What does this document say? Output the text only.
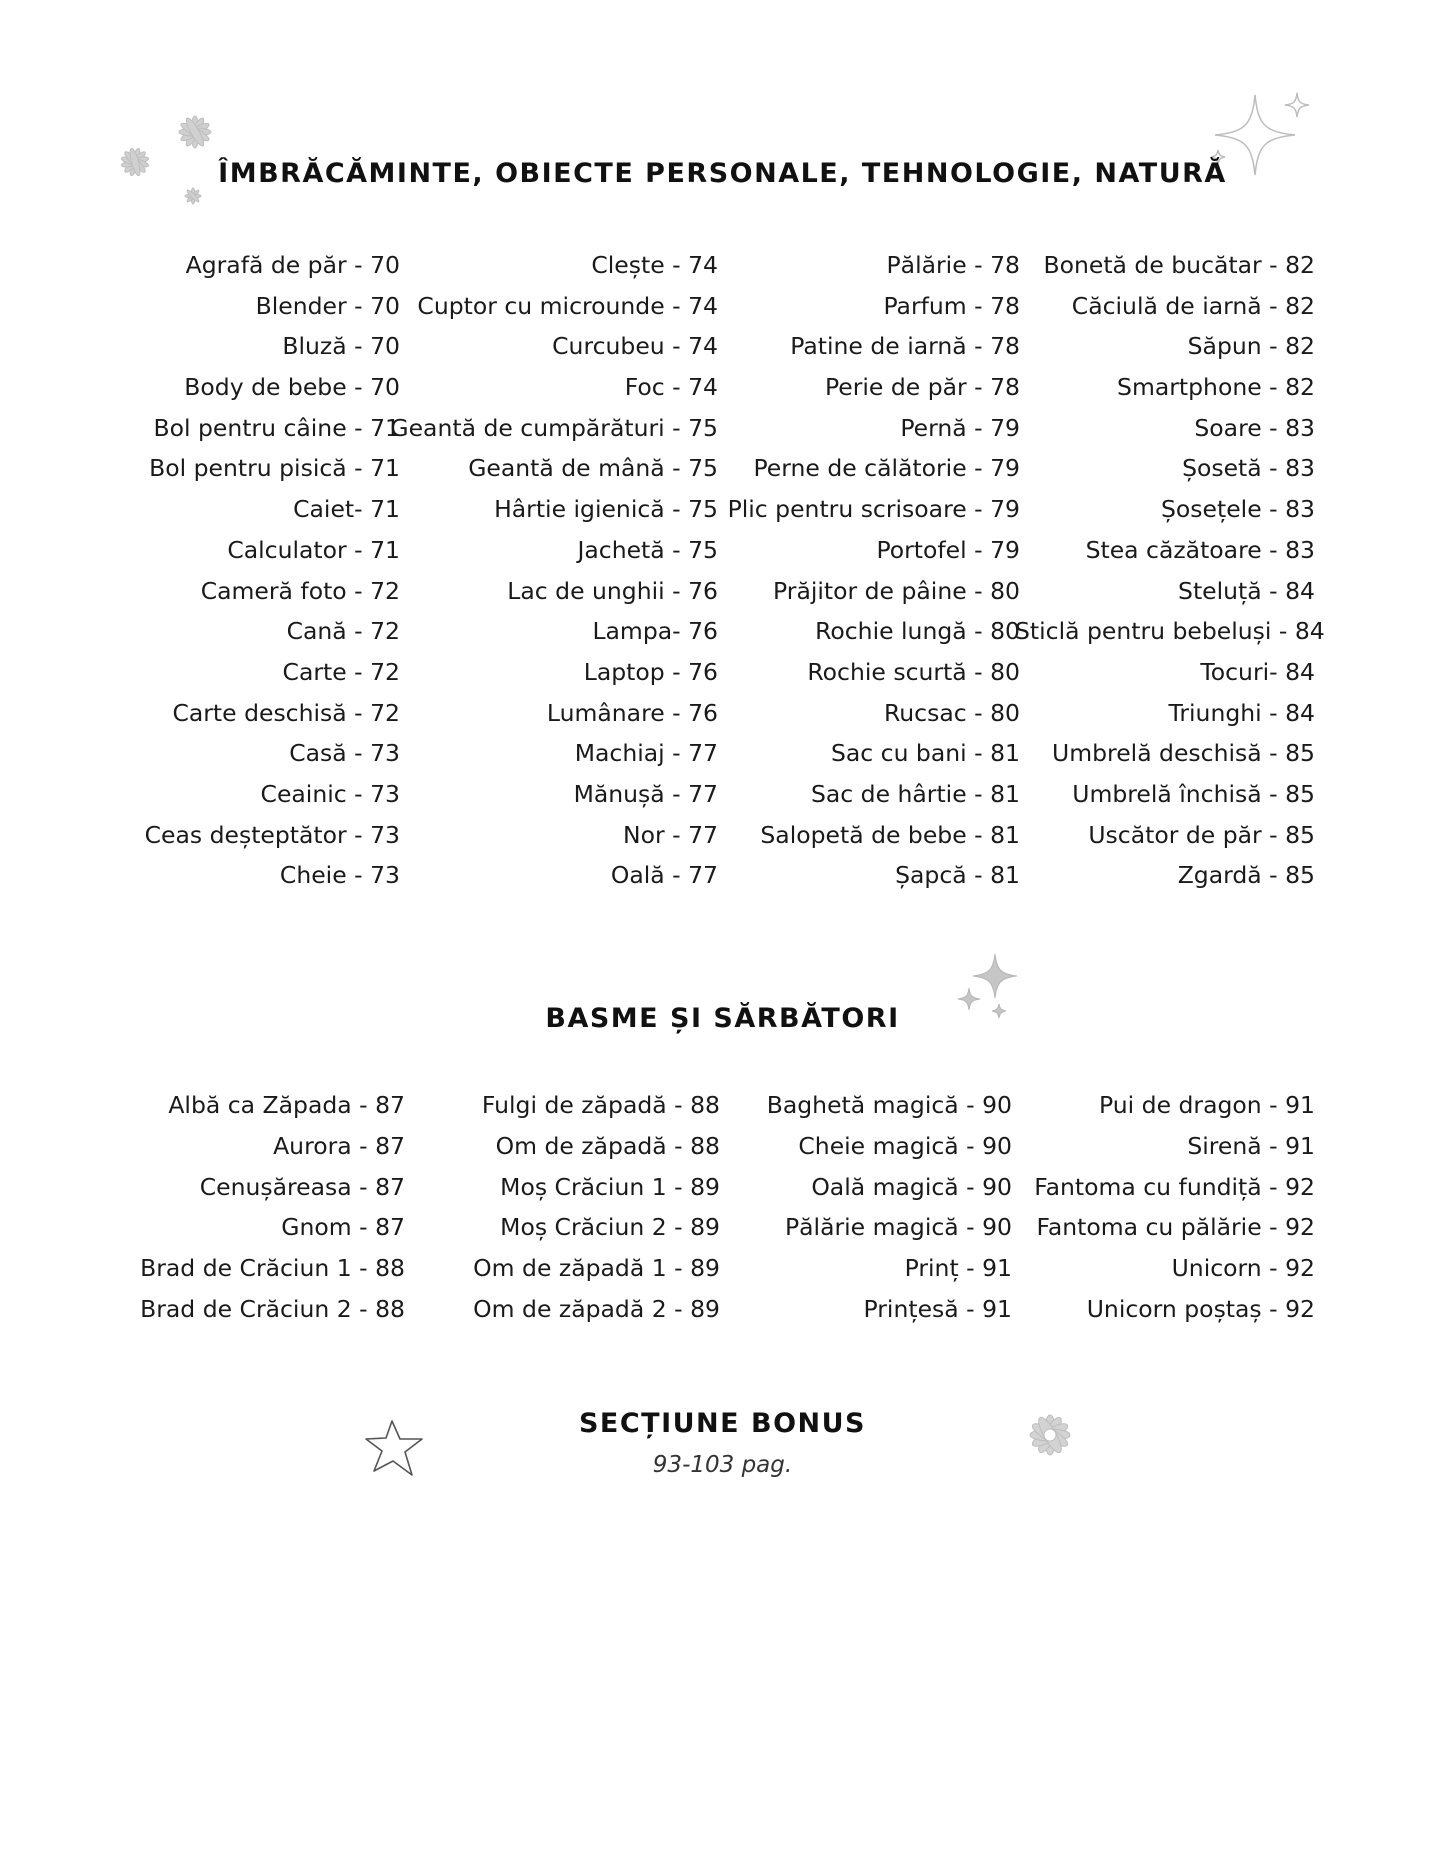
ÎMBRĂCĂMINTE, OBIECTE PERSONALE, TEHNOLOGIE, NATURĂ
Agrafă de păr - 70
Blender - 70
Bluză - 70
Body de bebe - 70
Bol pentru câine - 71
Bol pentru pisică - 71
Caiet- 71
Calculator - 71
Cameră foto - 72
Cană - 72
Carte - 72
Carte deschisă - 72
Casă - 73
Ceainic - 73
Ceas deșteptător - 73
Cheie - 73
Clește - 74
Cuptor cu microunde - 74
Curcubeu - 74
Foc - 74
Geantă de cumpărături - 75
Geantă de mână - 75
Hârtie igienică - 75
Jachetă - 75
Lac de unghii - 76
Lampa- 76
Laptop - 76
Lumânare - 76
Machiaj - 77
Mănușă - 77
Nor - 77
Oală - 77
Pălărie - 78
Parfum - 78
Patine de iarnă - 78
Perie de păr - 78
Pernă - 79
Perne de călătorie - 79
Plic pentru scrisoare - 79
Portofel - 79
Prăjitor de pâine - 80
Rochie lungă - 80
Rochie scurtă - 80
Rucsac - 80
Sac cu bani - 81
Sac de hârtie - 81
Salopetă de bebe - 81
Șapcă - 81
Bonetă de bucătar - 82
Căciulă de iarnă - 82
Săpun - 82
Smartphone - 82
Soare - 83
Șosetă - 83
Șosețele - 83
Stea căzătoare - 83
Steluță - 84
Sticlă pentru bebeluși - 84
Tocuri- 84
Triunghi - 84
Umbrelă deschisă - 85
Umbrelă închisă - 85
Uscător de păr - 85
Zgardă - 85
BASME ȘI SĂRBĂTORI
Albă ca Zăpada - 87
Aurora - 87
Cenușăreasa - 87
Gnom - 87
Brad de Crăciun 1 - 88
Brad de Crăciun 2 - 88
Fulgi de zăpadă - 88
Om de zăpadă - 88
Moș Crăciun 1 - 89
Moș Crăciun 2 - 89
Om de zăpadă 1 - 89
Om de zăpadă 2 - 89
Baghetă magică - 90
Cheie magică - 90
Oală magică - 90
Pălărie magică - 90
Prinț - 91
Prințesă - 91
Pui de dragon - 91
Sirenă - 91
Fantoma cu fundiță - 92
Fantoma cu pălărie - 92
Unicorn - 92
Unicorn poștaș - 92
SECȚIUNE BONUS
93-103 pag.
